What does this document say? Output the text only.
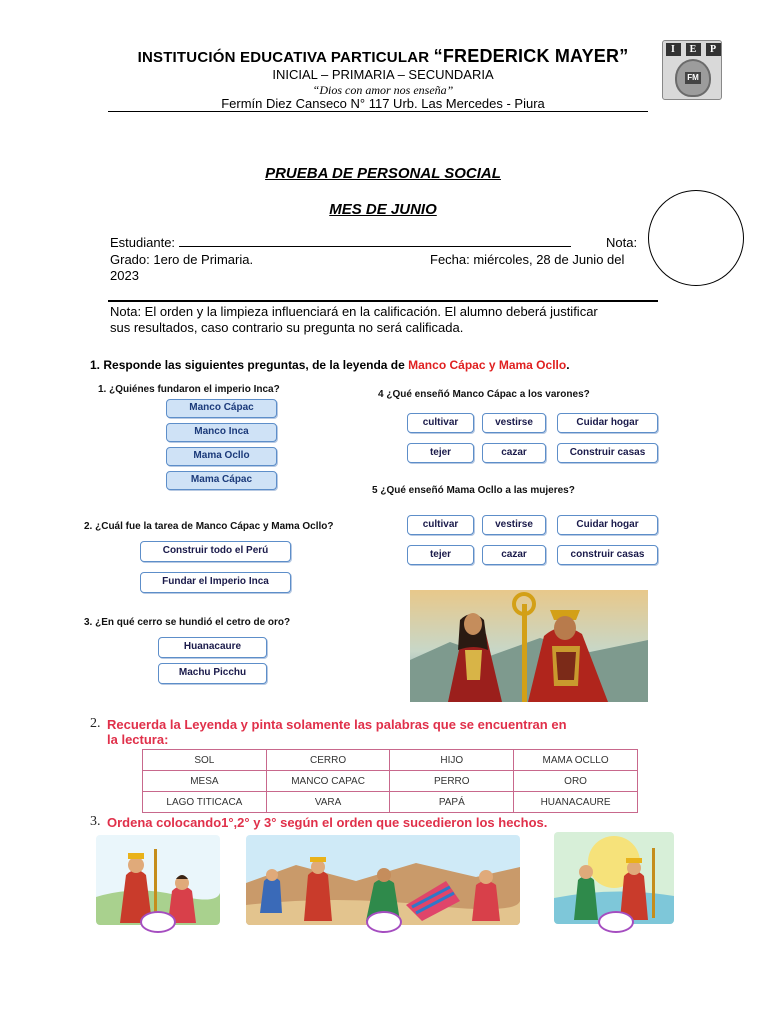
INSTITUCIÓN EDUCATIVA PARTICULAR “FREDERICK MAYER”
INICIAL – PRIMARIA – SECUNDARIA
“Dios con amor nos enseña”
Fermín Diez Canseco N° 117 Urb. Las Mercedes - Piura
I	E	P
FM
PRUEBA DE PERSONAL SOCIAL
MES DE JUNIO
Estudiante:	Nota:
Grado: 1ero de Primaria.	Fecha: miércoles, 28 de Junio del
2023
Nota: El orden y la limpieza influenciará en la calificación. El alumno deberá justificar
sus resultados, caso contrario su pregunta no será calificada.
1. Responde las siguientes preguntas, de la leyenda de Manco Cápac y Mama Ocllo.
1. ¿Quiénes fundaron el imperio Inca?
Manco Cápac
Manco Inca
Mama Ocllo
Mama Cápac
2. ¿Cuál fue la tarea de Manco Cápac y Mama Ocllo?
Construir todo el Perú
Fundar el Imperio Inca
3. ¿En qué cerro se hundió el cetro de oro?
Huanacaure
Machu Picchu
4 ¿Qué enseñó Manco Cápac a los varones?
cultivar	vestirse	Cuidar hogar
tejer	cazar	Construir casas
5 ¿Qué enseñó Mama Ocllo a las mujeres?
cultivar	vestirse	Cuidar hogar
tejer	cazar	construir casas
2. Recuerda la Leyenda y pinta solamente las palabras que se encuentran en
la lectura:
SOL	CERRO	HIJO	MAMA OCLLO
MESA	MANCO CAPAC	PERRO	ORO
LAGO TITICACA	VARA	PAPÁ	HUANACAURE
3. Ordena colocando1°,2° y 3° según el orden que sucedieron los hechos.
